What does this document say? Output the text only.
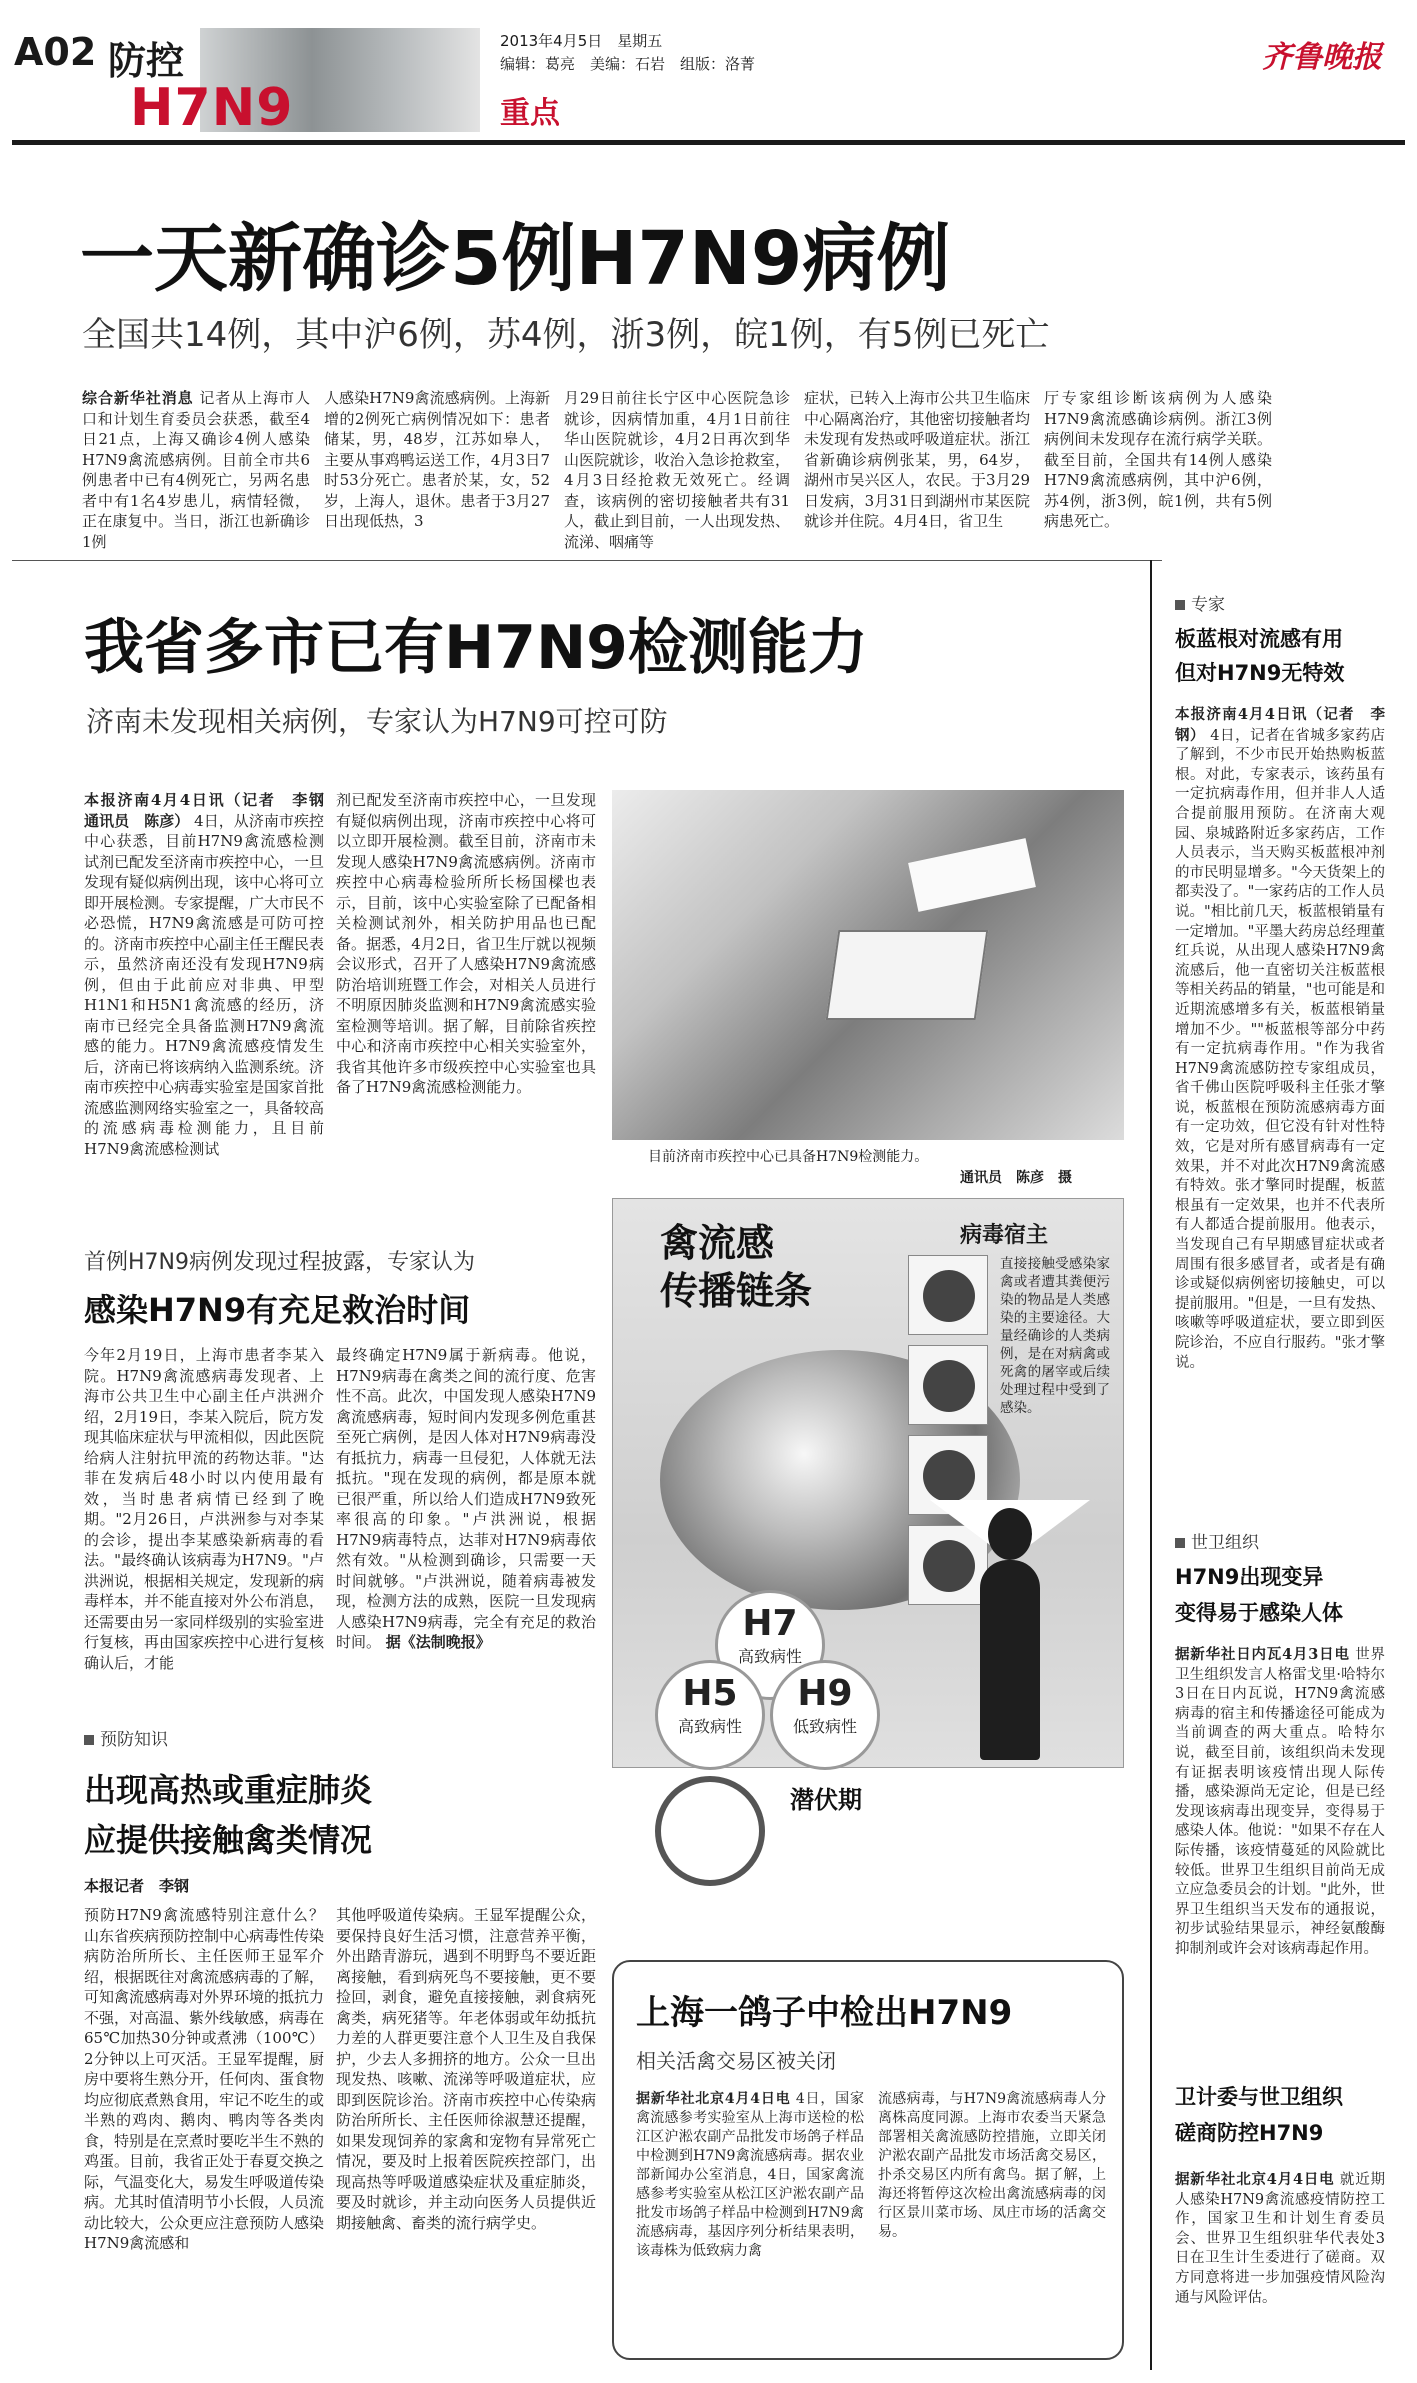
A02 防控
H7N9
2013年4月5日　星期五
编辑：葛亮　美编：石岩　组版：洛菁
重点
齐鲁晚报
一天新确诊5例H7N9病例
全国共14例，其中沪6例，苏4例，浙3例，皖1例，有5例已死亡
综合新华社消息 记者从上海市人口和计划生育委员会获悉，截至4日21点，上海又确诊4例人感染H7N9禽流感病例。目前全市共6例患者中已有4例死亡，另两名患者中有1名4岁患儿，病情轻微，正在康复中。当日，浙江也新确诊1例
人感染H7N9禽流感病例。上海新增的2例死亡病例情况如下：患者储某，男，48岁，江苏如皋人，主要从事鸡鸭运送工作，4月3日7时53分死亡。患者於某，女，52岁，上海人，退休。患者于3月27日出现低热，3
月29日前往长宁区中心医院急诊就诊，因病情加重，4月1日前往华山医院就诊，4月2日再次到华山医院就诊，收治入急诊抢救室，4月3日经抢救无效死亡。经调查，该病例的密切接触者共有31人，截止到目前，一人出现发热、流涕、咽痛等
症状，已转入上海市公共卫生临床中心隔离治疗，其他密切接触者均未发现有发热或呼吸道症状。浙江省新确诊病例张某，男，64岁，湖州市吴兴区人，农民。于3月29日发病，3月31日到湖州市某医院就诊并住院。4月4日，省卫生
厅专家组诊断该病例为人感染H7N9禽流感确诊病例。浙江3例病例间未发现存在流行病学关联。截至目前，全国共有14例人感染H7N9禽流感病例，其中沪6例，苏4例，浙3例，皖1例，共有5例病患死亡。
我省多市已有H7N9检测能力
济南未发现相关病例，专家认为H7N9可控可防
本报济南4月4日讯（记者　李钢　通讯员　陈彦） 4日，从济南市疾控中心获悉，目前H7N9禽流感检测试剂已配发至济南市疾控中心，一旦发现有疑似病例出现，该中心将可立即开展检测。专家提醒，广大市民不必恐慌，H7N9禽流感是可防可控的。济南市疾控中心副主任王醒民表示，虽然济南还没有发现H7N9病例，但由于此前应对非典、甲型H1N1和H5N1禽流感的经历，济南市已经完全具备监测H7N9禽流感的能力。H7N9禽流感疫情发生后，济南已将该病纳入监测系统。济南市疾控中心病毒实验室是国家首批流感监测网络实验室之一，具备较高的流感病毒检测能力，且目前H7N9禽流感检测试
剂已配发至济南市疾控中心，一旦发现有疑似病例出现，济南市疾控中心将可以立即开展检测。截至目前，济南市未发现人感染H7N9禽流感病例。济南市疾控中心病毒检验所所长杨国樑也表示，目前，该中心实验室除了已配备相关检测试剂外，相关防护用品也已配备。据悉，4月2日，省卫生厅就以视频会议形式，召开了人感染H7N9禽流感防治培训班暨工作会，对相关人员进行不明原因肺炎监测和H7N9禽流感实验室检测等培训。据了解，目前除省疾控中心和济南市疾控中心相关实验室外，我省其他许多市级疾控中心实验室也具备了H7N9禽流感检测能力。
目前济南市疾控中心已具备H7N9检测能力。
通讯员　陈彦　摄
首例H7N9病例发现过程披露，专家认为
感染H7N9有充足救治时间
今年2月19日，上海市患者李某入院。H7N9禽流感病毒发现者、上海市公共卫生中心副主任卢洪洲介绍，2月19日，李某入院后，院方发现其临床症状与甲流相似，因此医院给病人注射抗甲流的药物达菲。"达菲在发病后48小时以内使用最有效，当时患者病情已经到了晚期。"2月26日，卢洪洲参与对李某的会诊，提出李某感染新病毒的看法。"最终确认该病毒为H7N9。"卢洪洲说，根据相关规定，发现新的病毒样本，并不能直接对外公布消息，还需要由另一家同样级别的实验室进行复核，再由国家疾控中心进行复核确认后，才能
最终确定H7N9属于新病毒。他说，H7N9病毒在禽类之间的流行度、危害性不高。此次，中国发现人感染H7N9禽流感病毒，短时间内发现多例危重甚至死亡病例，是因人体对H7N9病毒没有抵抗力，病毒一旦侵犯，人体就无法抵抗。"现在发现的病例，都是原本就已很严重，所以给人们造成H7N9致死率很高的印象。"卢洪洲说，根据H7N9病毒特点，达菲对H7N9病毒依然有效。"从检测到确诊，只需要一天时间就够。"卢洪洲说，随着病毒被发现，检测方法的成熟，医院一旦发现病人感染H7N9病毒，完全有充足的救治时间。 据《法制晚报》
预防知识
出现高热或重症肺炎
应提供接触禽类情况
本报记者　李钢
预防H7N9禽流感特别注意什么？山东省疾病预防控制中心病毒性传染病防治所所长、主任医师王显军介绍，根据既往对禽流感病毒的了解，可知禽流感病毒对外界环境的抵抗力不强，对高温、紫外线敏感，病毒在65℃加热30分钟或煮沸（100℃）2分钟以上可灭活。王显军提醒，厨房中要将生熟分开，任何肉、蛋食物均应彻底煮熟食用，牢记不吃生的或半熟的鸡肉、鹅肉、鸭肉等各类肉食，特别是在烹煮时要吃半生不熟的鸡蛋。目前，我省正处于春夏交换之际，气温变化大，易发生呼吸道传染病。尤其时值清明节小长假，人员流动比较大，公众更应注意预防人感染H7N9禽流感和
其他呼吸道传染病。王显军提醒公众，要保持良好生活习惯，注意营养平衡，外出踏青游玩，遇到不明野鸟不要近距离接触，看到病死鸟不要接触，更不要捡回，剥食，避免直接接触，剥食病死禽类，病死猪等。年老体弱或年幼抵抗力差的人群更要注意个人卫生及自我保护，少去人多拥挤的地方。公众一旦出现发热、咳嗽、流涕等呼吸道症状，应即到医院诊治。济南市疾控中心传染病防治所所长、主任医师徐淑慧还提醒，如果发现饲养的家禽和宠物有异常死亡情况，要及时上报着医院疾控部门，出现高热等呼吸道感染症状及重症肺炎，要及时就诊，并主动向医务人员提供近期接触禽、畜类的流行病学史。
禽流感
传播链条
病毒宿主
直接接触受感染家禽或者遭其粪便污染的物品是人类感染的主要途径。大量经确诊的人类病例，是在对病禽或死禽的屠宰或后续处理过程中受到了感染。
H7
高致病性
H5
高致病性
H9
低致病性
潜伏期
上海一鸽子中检出H7N9
相关活禽交易区被关闭
据新华社北京4月4日电 4日，国家禽流感参考实验室从上海市送检的松江区沪淞农副产品批发市场鸽子样品中检测到H7N9禽流感病毒。据农业部新闻办公室消息，4日，国家禽流感参考实验室从松江区沪淞农副产品批发市场鸽子样品中检测到H7N9禽流感病毒，基因序列分析结果表明，该毒株为低致病力禽
流感病毒，与H7N9禽流感病毒人分离株高度同源。上海市农委当天紧急部署相关禽流感防控措施，立即关闭沪淞农副产品批发市场活禽交易区，扑杀交易区内所有禽鸟。据了解，上海还将暂停这次检出禽流感病毒的闵行区景川菜市场、凤庄市场的活禽交易。
专家
板蓝根对流感有用
但对H7N9无特效
本报济南4月4日讯（记者　李钢） 4日，记者在省城多家药店了解到，不少市民开始热购板蓝根。对此，专家表示，该药虽有一定抗病毒作用，但并非人人适合提前服用预防。在济南大观园、泉城路附近多家药店，工作人员表示，当天购买板蓝根冲剂的市民明显增多。"今天货架上的都卖没了。"一家药店的工作人员说。"相比前几天，板蓝根销量有一定增加。"平墨大药房总经理董红兵说，从出现人感染H7N9禽流感后，他一直密切关注板蓝根等相关药品的销量，"也可能是和近期流感增多有关，板蓝根销量增加不少。""板蓝根等部分中药有一定抗病毒作用。"作为我省H7N9禽流感防控专家组成员，省千佛山医院呼吸科主任张才擎说，板蓝根在预防流感病毒方面有一定功效，但它没有针对性特效，它是对所有感冒病毒有一定效果，并不对此次H7N9禽流感有特效。张才擎同时提醒，板蓝根虽有一定效果，也并不代表所有人都适合提前服用。他表示，当发现自己有早期感冒症状或者周围有很多感冒者，或者是有确诊或疑似病例密切接触史，可以提前服用。"但是，一旦有发热、咳嗽等呼吸道症状，要立即到医院诊治，不应自行服药。"张才擎说。
世卫组织
H7N9出现变异
变得易于感染人体
据新华社日内瓦4月3日电 世界卫生组织发言人格雷戈里·哈特尔3日在日内瓦说，H7N9禽流感病毒的宿主和传播途径可能成为当前调查的两大重点。哈特尔说，截至目前，该组织尚未发现有证据表明该疫情出现人际传播，感染源尚无定论，但是已经发现该病毒出现变异，变得易于感染人体。他说："如果不存在人际传播，该疫情蔓延的风险就比较低。世界卫生组织目前尚无成立应急委员会的计划。"此外，世界卫生组织当天发布的通报说，初步试验结果显示，神经氨酸酶抑制剂或许会对该病毒起作用。
卫计委与世卫组织
磋商防控H7N9
据新华社北京4月4日电 就近期人感染H7N9禽流感疫情防控工作，国家卫生和计划生育委员会、世界卫生组织驻华代表处3日在卫生计生委进行了磋商。双方同意将进一步加强疫情风险沟通与风险评估。
